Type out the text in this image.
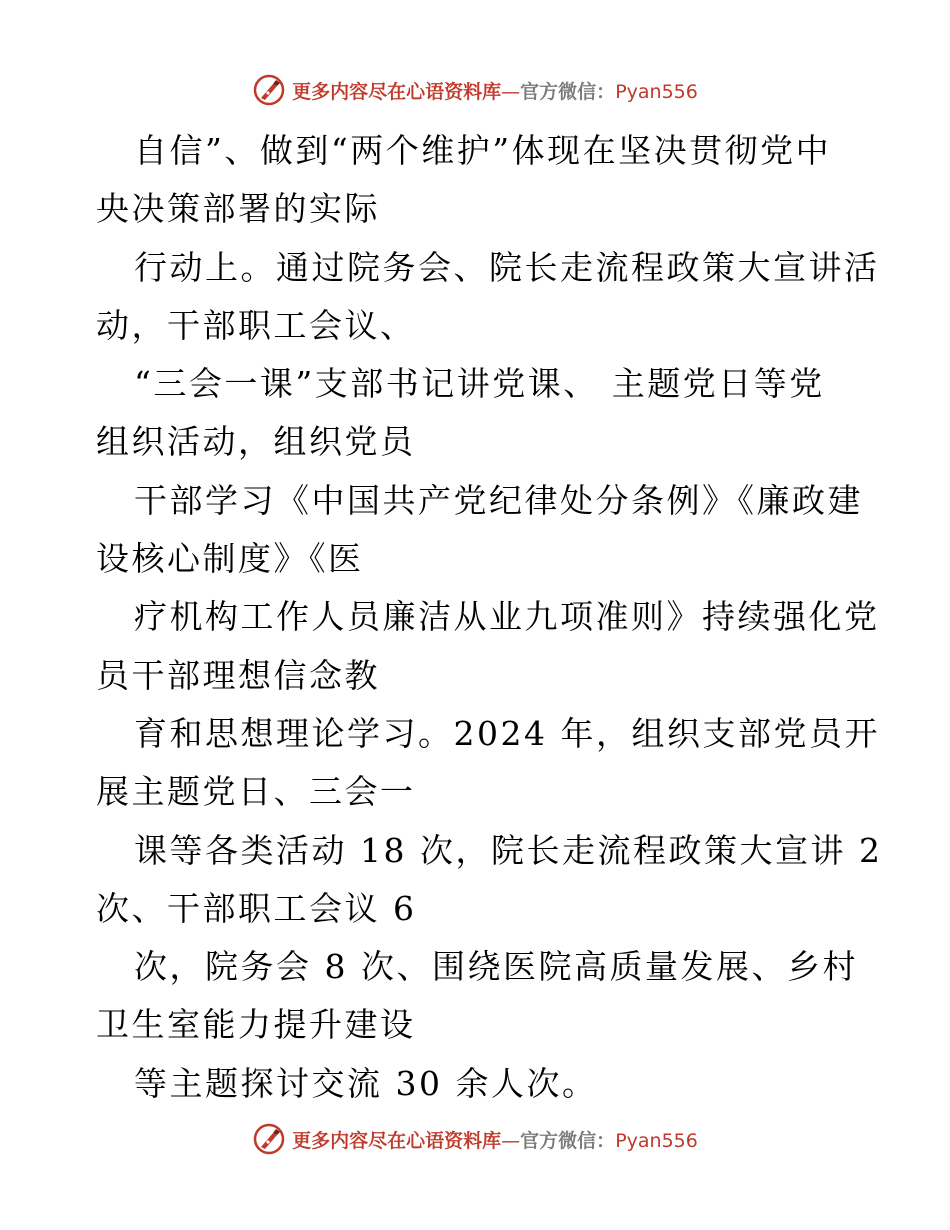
更多内容尽在心语资料库—官方微信：Pyan556
自信”、做到“两个维护”体现在坚决贯彻党中
央决策部署的实际
行动上。通过院务会、院长走流程政策大宣讲活
动，干部职工会议、
“三会一课”支部书记讲党课、 主题党日等党
组织活动，组织党员
干部学习《中国共产党纪律处分条例》《廉政建
设核心制度》《医
疗机构工作人员廉洁从业九项准则》持续强化党
员干部理想信念教
育和思想理论学习。2024 年，组织支部党员开
展主题党日、三会一
课等各类活动 18 次，院长走流程政策大宣讲 2
次、干部职工会议 6
次，院务会 8 次、围绕医院高质量发展、乡村
卫生室能力提升建设
等主题探讨交流 30 余人次。
更多内容尽在心语资料库—官方微信：Pyan556
